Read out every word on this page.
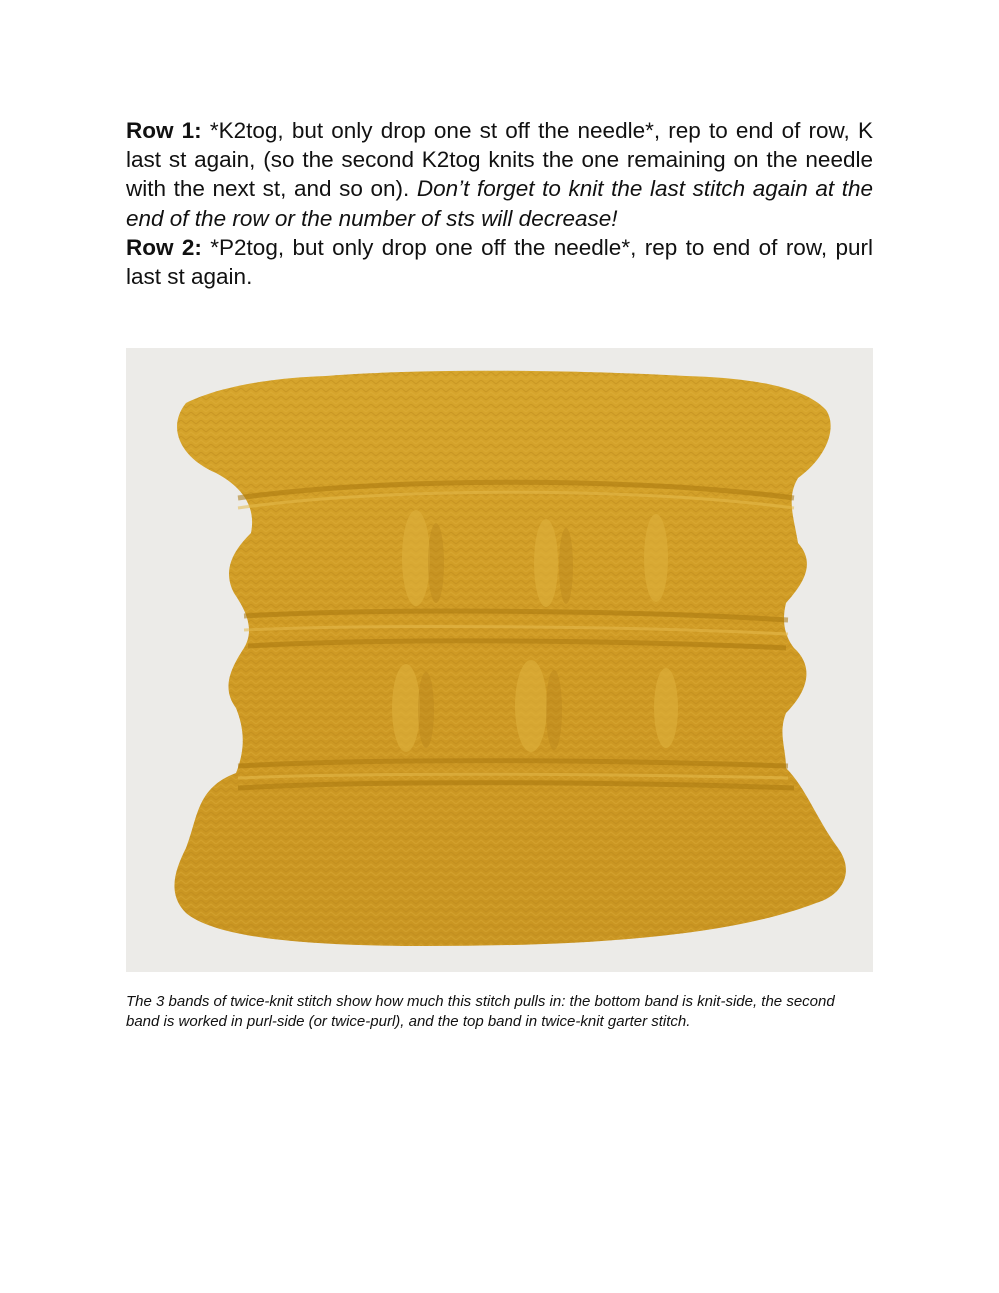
Row 1: *K2tog, but only drop one st off the needle*, rep to end of row, K last st again, (so the second K2tog knits the one remaining on the needle with the next st, and so on). Don’t forget to knit the last stitch again at the end of the row or the number of sts will decrease!

Row 2: *P2tog, but only drop one off the needle*, rep to end of row, purl last st again.

The 3 bands of twice-knit stitch show how much this stitch pulls in: the bottom band is knit-side, the second band is worked in purl-side (or twice-purl), and the top band in twice-knit garter stitch.
